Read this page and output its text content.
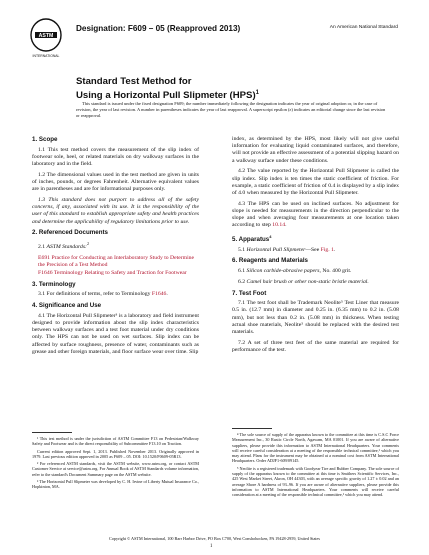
ASTM
INTERNATIONAL
Designation: F609 – 05 (Reapproved 2013)	An American National Standard
Standard Test Method for
Using a Horizontal Pull Slipmeter (HPS)$^1$
This standard is issued under the fixed designation F609; the number immediately following the designation indicates the year of original adoption or, in the case of revision, the year of last revision. A number in parentheses indicates the year of last reapproval. A superscript epsilon (ε) indicates an editorial change since the last revision or reapproval.
1. Scope

1.1 This test method covers the measurement of the slip index of footwear sole, heel, or related materials on dry walkway surfaces in the laboratory and in the field.

1.2 The dimensional values used in the test method are given in units of inches, pounds, or degrees Fahrenheit. Alternative equivalent values are in parentheses and are for informational purposes only.

1.3 This standard does not purport to address all of the safety concerns, if any, associated with its use. It is the responsibility of the user of this standard to establish appropriate safety and health practices and determine the applicability of regulatory limitations prior to use.

2. Referenced Documents

2.1 ASTM Standards:$^2$

E691 Practice for Conducting an Interlaboratory Study to Determine the Precision of a Test Method
F1646 Terminology Relating to Safety and Traction for Footwear
3. Terminology

3.1 For definitions of terms, refer to Terminology F1646.

4. Significance and Use

4.1 The Horizontal Pull Slipmeter³ is a laboratory and field instrument designed to provide information about the slip index characteristics between walkway surfaces and a test foot material under dry conditions only. The HPS can not be used on wet surfaces. Slip index can be affected by surface roughness, presence of water, contaminants such as grease and other foreign materials, and floor surface wear over time. Slip

index, as determined by the HPS, most likely will not give useful information for evaluating liquid contaminated surfaces, and therefore, will not provide an effective assessment of a potential slipping hazard on a walkway surface under these conditions.

4.2 The value reported by the Horizontal Pull Slipmeter is called the slip index. Slip index is ten times the static coefficient of friction. For example, a static coefficient of friction of 0.4 is displayed by a slip index of 4.0 when measured by the Horizontal Pull Slipmeter.

4.3 The HPS can be used on inclined surfaces. No adjustment for slope is needed for measurements in the direction perpendicular to the slope and when averaging four measurements at one location taken according to step 10.14.

5. Apparatus$^4$

5.1 Horizontal Pull Slipmeter—See Fig. 1.

6. Reagents and Materials

6.1 Silicon carbide-abrasive papers, No. 400 grit.

6.2 Camel hair brush or other non-static bristle material.

7. Test Foot

7.1 The test foot shall be Trademark Neolite⁵ Test Liner that measure 0.5 in. (12.7 mm) in diameter and 0.25 in. (6.35 mm) to 0.2 in. (5.08 mm), but not less than 0.2 in. (5.08 mm) in thickness. When testing actual shoe materials, Neolite⁵ should be replaced with the desired test materials.

7.2 A set of three test feet of the same material are required for performance of the test.

¹ This test method is under the jurisdiction of ASTM Committee F13 on Pedestrian/Walkway Safety and Footwear and is the direct responsibility of Subcommittee F13.10 on Traction.

Current edition approved Sept. 1, 2013. Published November 2013. Originally approved in 1979. Last previous edition approved in 2005 as F609 – 05. DOI: 10.1520/F0609-05R13.

² For referenced ASTM standards, visit the ASTM website, www.astm.org, or contact ASTM Customer Service at service@astm.org. For Annual Book of ASTM Standards volume information, refer to the standard's Document Summary page on the ASTM website.

³ The Horizontal Pull Slipmeter was developed by C. H. Irvine of Liberty Mutual Insurance Co., Hopkinton, MA.

⁴ The sole source of supply of the apparatus known to the committee at this time is C.S.C Force Measurement Inc., 30 Rustic Circle North, Agawam, MA 01001. If you are aware of alternative suppliers, please provide this information to ASTM International Headquarters. Your comments will receive careful consideration at a meeting of the responsible technical committee,¹ which you may attend. Plans for the instrument may be obtained at a nominal cost from ASTM International Headquarters. Order ADJF1-609/09145.

⁵ Neolite is a registered trademark with Goodyear Tire and Rubber Company. The sole source of supply of the apparatus known to the committee at this time is Smithers Scientific Services, Inc., 425 West Market Street, Akron, OH 44303, with an average specific gravity of 1.27 ± 0.02 and an average Shore A hardness of 93–96. If you are aware of alternative suppliers, please provide this information to ASTM International Headquarters. Your comments will receive careful consideration at a meeting of the responsible technical committee,¹ which you may attend.

Copyright © ASTM International, 100 Barr Harbor Drive, PO Box C700, West Conshohocken, PA 19428-2959, United States
1
